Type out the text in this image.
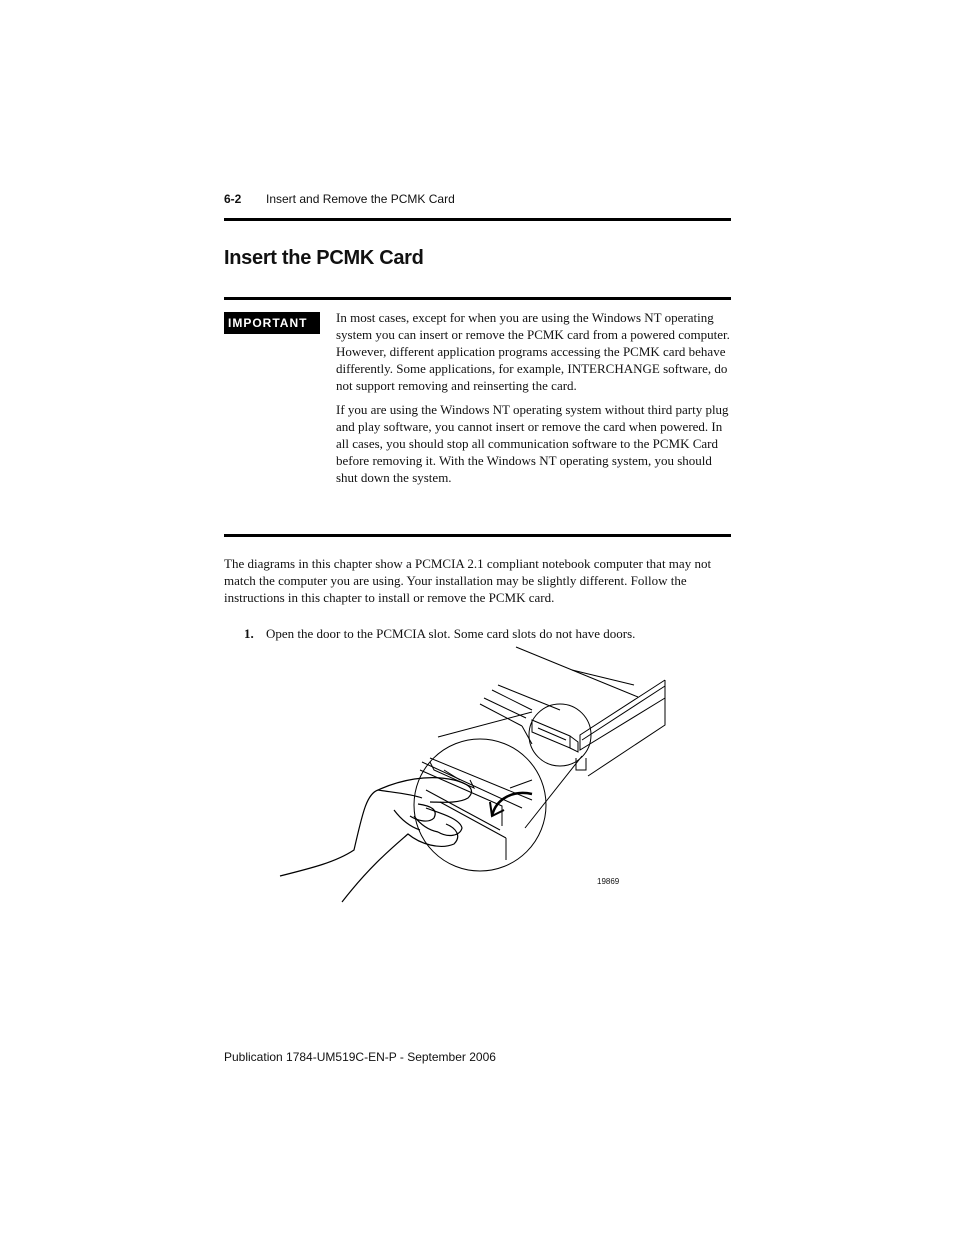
6-2 Insert and Remove the PCMK Card
Insert the PCMK Card
IMPORTANT	In most cases, except for when you are using the Windows NT operating system you can insert or remove the PCMK card from a powered computer. However, different application programs accessing the PCMK card behave differently. Some applications, for example, INTERCHANGE software, do not support removing and reinserting the card.

If you are using the Windows NT operating system without third party plug and play software, you cannot insert or remove the card when powered. In all cases, you should stop all communication software to the PCMK Card before removing it. With the Windows NT operating system, you should shut down the system.

The diagrams in this chapter show a PCMCIA 2.1 compliant notebook computer that may not match the computer you are using. Your installation may be slightly different. Follow the instructions in this chapter to install or remove the PCMK card.

1. Open the door to the PCMCIA slot. Some card slots do not have doors.
19869
Publication 1784-UM519C-EN-P - September 2006
